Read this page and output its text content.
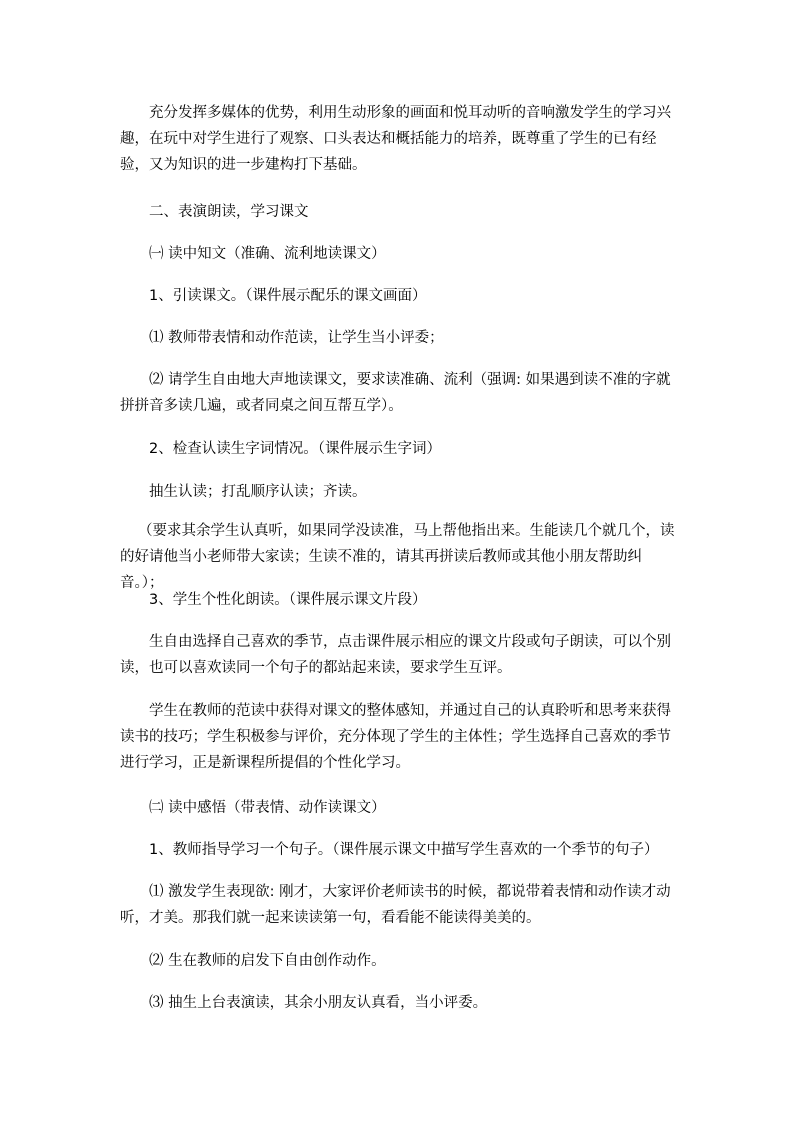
充分发挥多媒体的优势，利用生动形象的画面和悦耳动听的音响激发学生的学习兴趣，在玩中对学生进行了观察、口头表达和概括能力的培养，既尊重了学生的已有经验，又为知识的进一步建构打下基础。

二、表演朗读，学习课文

㈠ 读中知文（准确、流利地读课文）

1、引读课文。（课件展示配乐的课文画面）

⑴ 教师带表情和动作范读，让学生当小评委；

⑵ 请学生自由地大声地读课文，要求读准确、流利（强调: 如果遇到读不准的字就拼拼音多读几遍，或者同桌之间互帮互学）。

2、检查认读生字词情况。（课件展示生字词）

抽生认读；打乱顺序认读；齐读。

（要求其余学生认真听，如果同学没读准，马上帮他指出来。生能读几个就几个，读的好请他当小老师带大家读；生读不准的，请其再拼读后教师或其他小朋友帮助纠音。）；

3、学生个性化朗读。（课件展示课文片段）

生自由选择自己喜欢的季节，点击课件展示相应的课文片段或句子朗读，可以个别读，也可以喜欢读同一个句子的都站起来读，要求学生互评。

学生在教师的范读中获得对课文的整体感知，并通过自己的认真聆听和思考来获得读书的技巧；学生积极参与评价，充分体现了学生的主体性；学生选择自己喜欢的季节进行学习，正是新课程所提倡的个性化学习。

㈡ 读中感悟（带表情、动作读课文）

1、教师指导学习一个句子。（课件展示课文中描写学生喜欢的一个季节的句子）

⑴ 激发学生表现欲: 刚才，大家评价老师读书的时候，都说带着表情和动作读才动听，才美。那我们就一起来读读第一句，看看能不能读得美美的。

⑵ 生在教师的启发下自由创作动作。

⑶ 抽生上台表演读，其余小朋友认真看，当小评委。
